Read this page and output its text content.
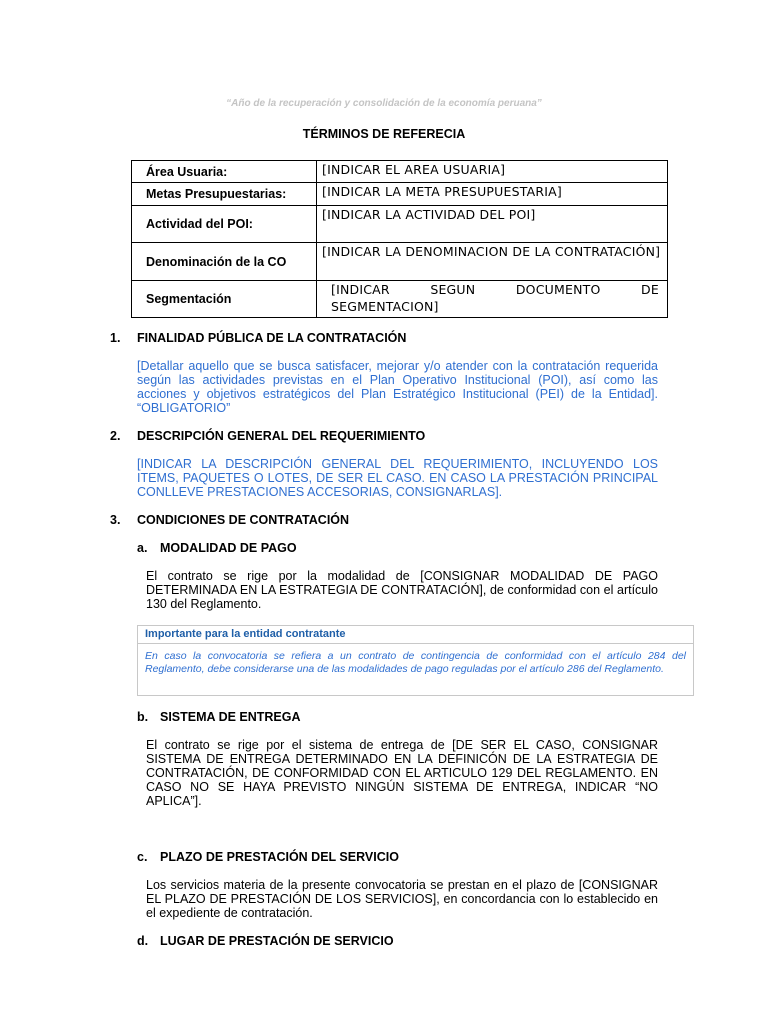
“Año de la recuperación y consolidación de la economía peruana”
TÉRMINOS DE REFERECIA
Área Usuaria:	[INDICAR EL AREA USUARIA]
Metas Presupuestarias:	[INDICAR LA META PRESUPUESTARIA]
Actividad del POI:	[INDICAR LA ACTIVIDAD DEL POI]
Denominación de la CO	[INDICAR LA DENOMINACION DE LA CONTRATACIÓN]
Segmentación	[INDICAR SEGUN DOCUMENTO DE
SEGMENTACION]
1. FINALIDAD PÚBLICA DE LA CONTRATACIÓN
[Detallar aquello que se busca satisfacer, mejorar y/o atender con la contratación requerida según las actividades previstas en el Plan Operativo Institucional (POI), así como las acciones y objetivos estratégicos del Plan Estratégico Institucional (PEI) de la Entidad]. “OBLIGATORIO”
2. DESCRIPCIÓN GENERAL DEL REQUERIMIENTO
[INDICAR LA DESCRIPCIÓN GENERAL DEL REQUERIMIENTO, INCLUYENDO LOS ITEMS, PAQUETES O LOTES, DE SER EL CASO. EN CASO LA PRESTACIÓN PRINCIPAL CONLLEVE PRESTACIONES ACCESORIAS, CONSIGNARLAS].
3. CONDICIONES DE CONTRATACIÓN
a. MODALIDAD DE PAGO
El contrato se rige por la modalidad de [CONSIGNAR MODALIDAD DE PAGO DETERMINADA EN LA ESTRATEGIA DE CONTRATACIÓN], de conformidad con el artículo 130 del Reglamento.
Importante para la entidad contratante
En caso la convocatoria se refiera a un contrato de contingencia de conformidad con el artículo 284 del Reglamento, debe considerarse una de las modalidades de pago reguladas por el artículo 286 del Reglamento.
b. SISTEMA DE ENTREGA
El contrato se rige por el sistema de entrega de [DE SER EL CASO, CONSIGNAR SISTEMA DE ENTREGA DETERMINADO EN LA DEFINICÓN DE LA ESTRATEGIA DE CONTRATACIÓN, DE CONFORMIDAD CON EL ARTICULO 129 DEL REGLAMENTO. EN CASO NO SE HAYA PREVISTO NINGÚN SISTEMA DE ENTREGA, INDICAR “NO APLICA”].
c. PLAZO DE PRESTACIÓN DEL SERVICIO
Los servicios materia de la presente convocatoria se prestan en el plazo de [CONSIGNAR EL PLAZO DE PRESTACIÓN DE LOS SERVICIOS], en concordancia con lo establecido en el expediente de contratación.
d. LUGAR DE PRESTACIÓN DE SERVICIO
